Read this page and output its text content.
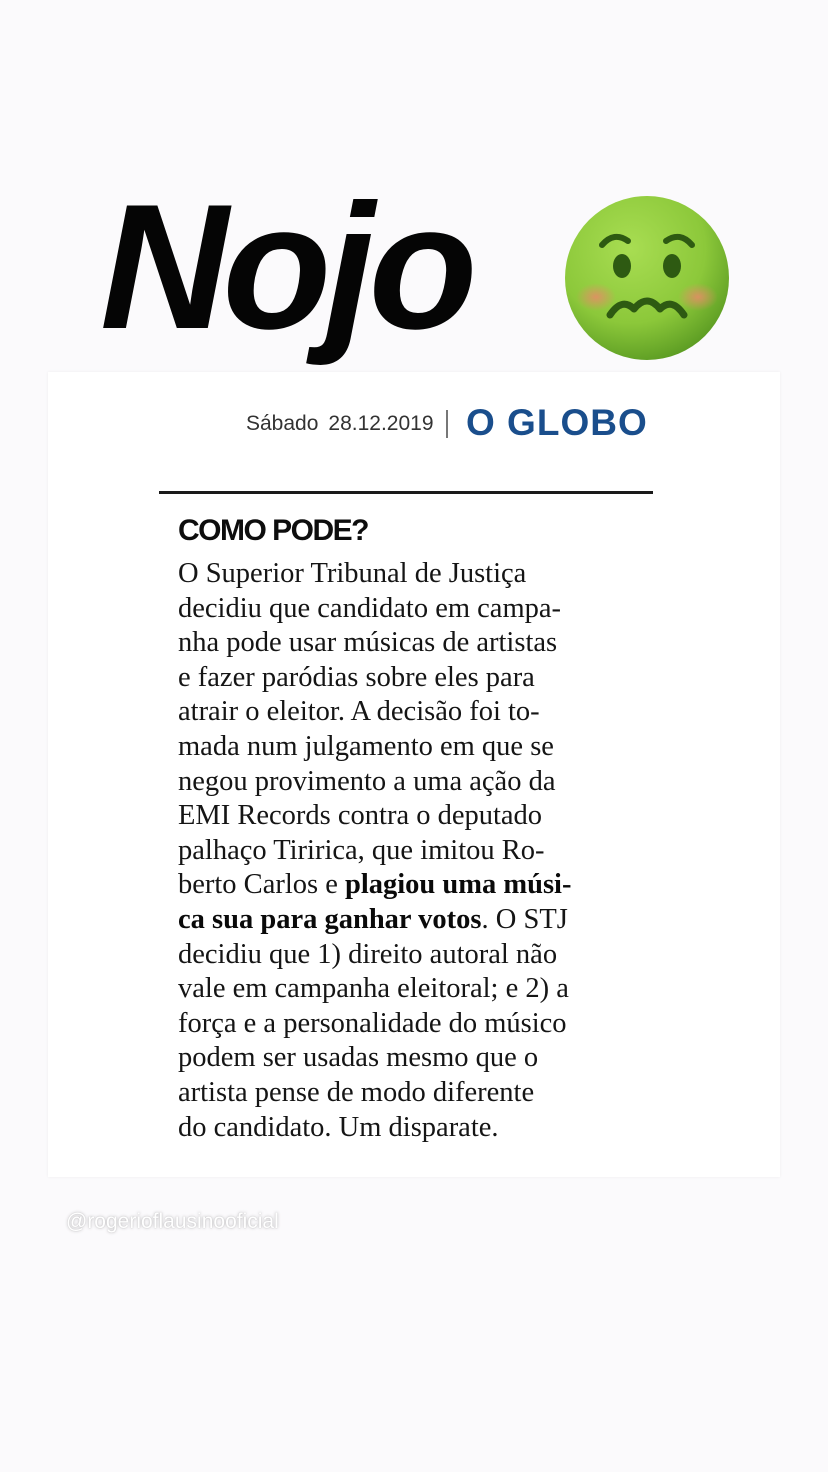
Nojo
Sábado 28.12.2019 O GLOBO
COMO PODE?

O Superior Tribunal de Justiça
decidiu que candidato em campa-
nha pode usar músicas de artistas
e fazer paródias sobre eles para
atrair o eleitor. A decisão foi to-
mada num julgamento em que se
negou provimento a uma ação da
EMI Records contra o deputado
palhaço Tiririca, que imitou Ro-
berto Carlos e plagiou uma músi-
ca sua para ganhar votos. O STJ
decidiu que 1) direito autoral não
vale em campanha eleitoral; e 2) a
força e a personalidade do músico
podem ser usadas mesmo que o
artista pense de modo diferente
do candidato. Um disparate.

@rogerioflausinooficial
